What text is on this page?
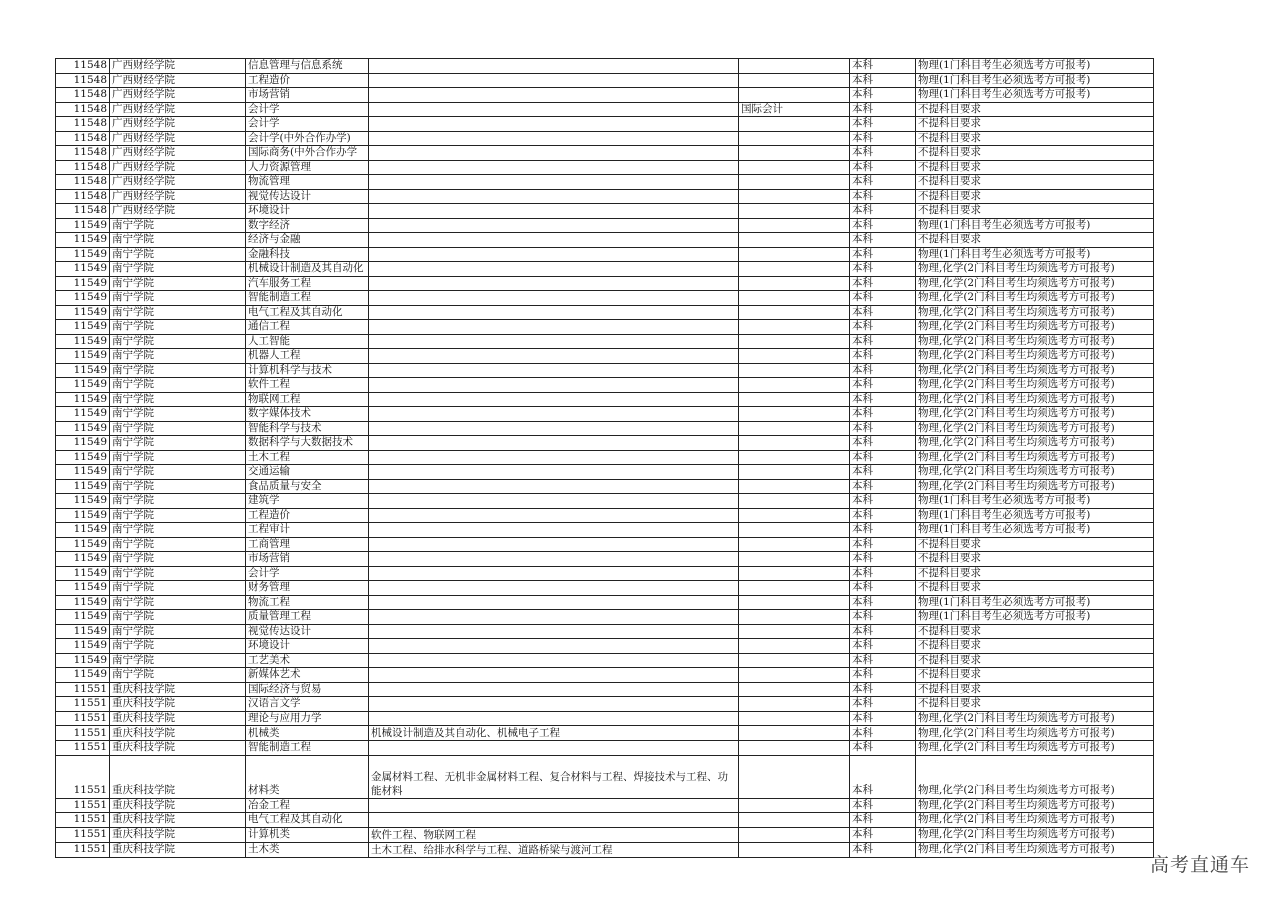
11548	广西财经学院	信息管理与信息系统			本科	物理(1门科目考生必须选考方可报考)
11548	广西财经学院	工程造价			本科	物理(1门科目考生必须选考方可报考)
11548	广西财经学院	市场营销			本科	物理(1门科目考生必须选考方可报考)
11548	广西财经学院	会计学		国际会计	本科	不提科目要求
11548	广西财经学院	会计学			本科	不提科目要求
11548	广西财经学院	会计学(中外合作办学)			本科	不提科目要求
11548	广西财经学院	国际商务(中外合作办学			本科	不提科目要求
11548	广西财经学院	人力资源管理			本科	不提科目要求
11548	广西财经学院	物流管理			本科	不提科目要求
11548	广西财经学院	视觉传达设计			本科	不提科目要求
11548	广西财经学院	环境设计			本科	不提科目要求
11549	南宁学院	数字经济			本科	物理(1门科目考生必须选考方可报考)
11549	南宁学院	经济与金融			本科	不提科目要求
11549	南宁学院	金融科技			本科	物理(1门科目考生必须选考方可报考)
11549	南宁学院	机械设计制造及其自动化			本科	物理,化学(2门科目考生均须选考方可报考)
11549	南宁学院	汽车服务工程			本科	物理,化学(2门科目考生均须选考方可报考)
11549	南宁学院	智能制造工程			本科	物理,化学(2门科目考生均须选考方可报考)
11549	南宁学院	电气工程及其自动化			本科	物理,化学(2门科目考生均须选考方可报考)
11549	南宁学院	通信工程			本科	物理,化学(2门科目考生均须选考方可报考)
11549	南宁学院	人工智能			本科	物理,化学(2门科目考生均须选考方可报考)
11549	南宁学院	机器人工程			本科	物理,化学(2门科目考生均须选考方可报考)
11549	南宁学院	计算机科学与技术			本科	物理,化学(2门科目考生均须选考方可报考)
11549	南宁学院	软件工程			本科	物理,化学(2门科目考生均须选考方可报考)
11549	南宁学院	物联网工程			本科	物理,化学(2门科目考生均须选考方可报考)
11549	南宁学院	数字媒体技术			本科	物理,化学(2门科目考生均须选考方可报考)
11549	南宁学院	智能科学与技术			本科	物理,化学(2门科目考生均须选考方可报考)
11549	南宁学院	数据科学与大数据技术			本科	物理,化学(2门科目考生均须选考方可报考)
11549	南宁学院	土木工程			本科	物理,化学(2门科目考生均须选考方可报考)
11549	南宁学院	交通运输			本科	物理,化学(2门科目考生均须选考方可报考)
11549	南宁学院	食品质量与安全			本科	物理,化学(2门科目考生均须选考方可报考)
11549	南宁学院	建筑学			本科	物理(1门科目考生必须选考方可报考)
11549	南宁学院	工程造价			本科	物理(1门科目考生必须选考方可报考)
11549	南宁学院	工程审计			本科	物理(1门科目考生必须选考方可报考)
11549	南宁学院	工商管理			本科	不提科目要求
11549	南宁学院	市场营销			本科	不提科目要求
11549	南宁学院	会计学			本科	不提科目要求
11549	南宁学院	财务管理			本科	不提科目要求
11549	南宁学院	物流工程			本科	物理(1门科目考生必须选考方可报考)
11549	南宁学院	质量管理工程			本科	物理(1门科目考生必须选考方可报考)
11549	南宁学院	视觉传达设计			本科	不提科目要求
11549	南宁学院	环境设计			本科	不提科目要求
11549	南宁学院	工艺美术			本科	不提科目要求
11549	南宁学院	新媒体艺术			本科	不提科目要求
11551	重庆科技学院	国际经济与贸易			本科	不提科目要求
11551	重庆科技学院	汉语言文学			本科	不提科目要求
11551	重庆科技学院	理论与应用力学			本科	物理,化学(2门科目考生均须选考方可报考)
11551	重庆科技学院	机械类	机械设计制造及其自动化、机械电子工程		本科	物理,化学(2门科目考生均须选考方可报考)
11551	重庆科技学院	智能制造工程			本科	物理,化学(2门科目考生均须选考方可报考)
11551	重庆科技学院	材料类	金属材料工程、无机非金属材料工程、复合材料与工程、焊接技术与工程、功能材料		本科	物理,化学(2门科目考生均须选考方可报考)
11551	重庆科技学院	冶金工程			本科	物理,化学(2门科目考生均须选考方可报考)
11551	重庆科技学院	电气工程及其自动化			本科	物理,化学(2门科目考生均须选考方可报考)
11551	重庆科技学院	计算机类	软件工程、物联网工程		本科	物理,化学(2门科目考生均须选考方可报考)
11551	重庆科技学院	土木类	土木工程、给排水科学与工程、道路桥梁与渡河工程		本科	物理,化学(2门科目考生均须选考方可报考)
高考直通车
